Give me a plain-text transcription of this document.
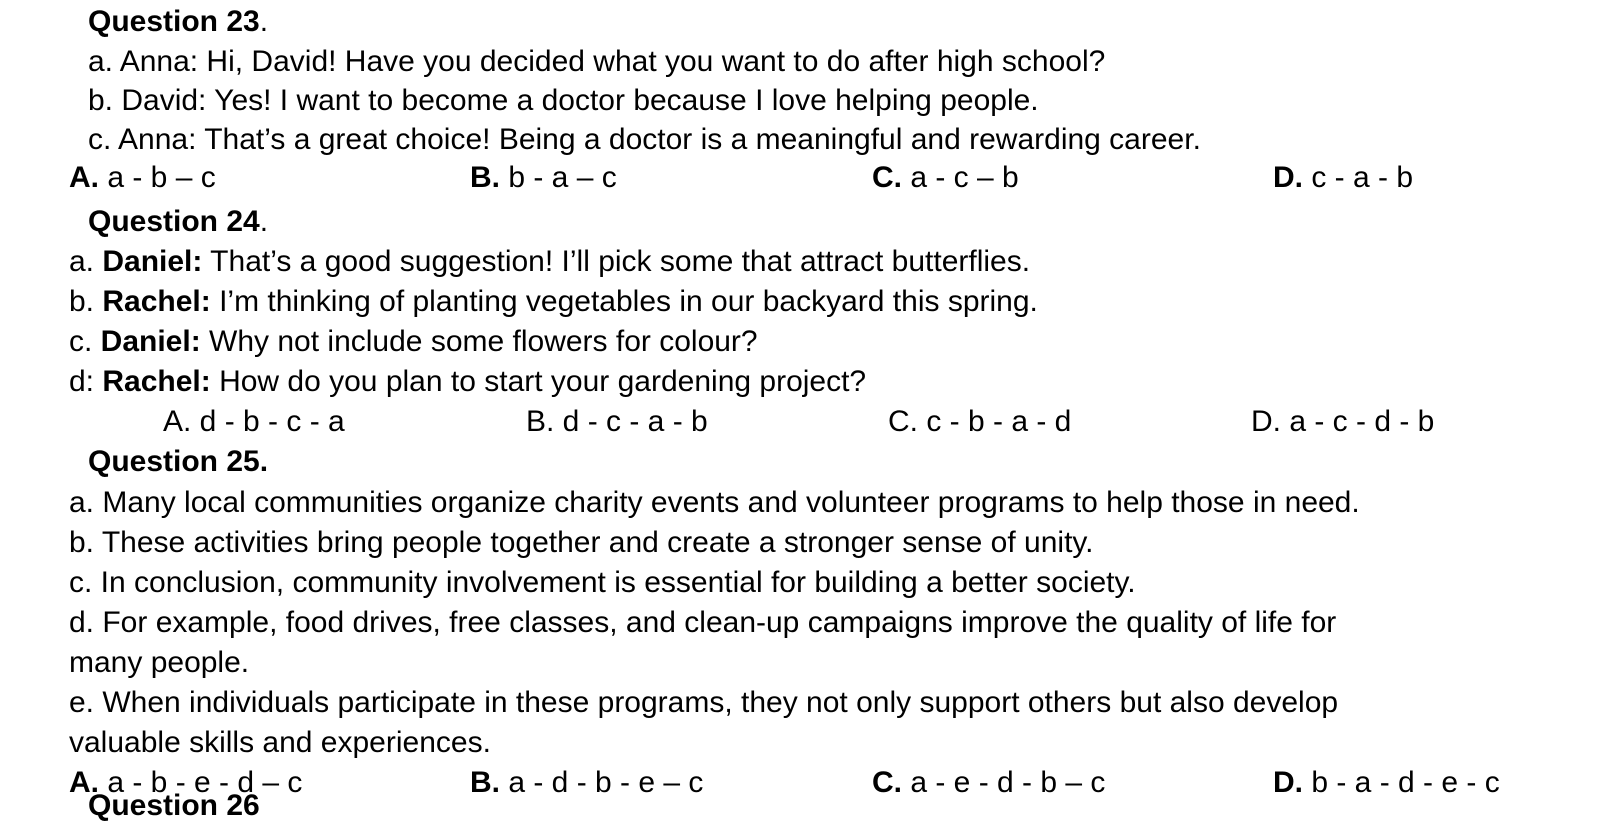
Question 23.
a. Anna: Hi, David! Have you decided what you want to do after high school?
b. David: Yes! I want to become a doctor because I love helping people.
c. Anna: That’s a great choice! Being a doctor is a meaningful and rewarding career.
A. a - b – c	B. b - a – c	C. a - c – b	D. c - a - b
Question 24.
a. Daniel: That’s a good suggestion! I’ll pick some that attract butterflies.
b. Rachel: I’m thinking of planting vegetables in our backyard this spring.
c. Daniel: Why not include some flowers for colour?
d: Rachel: How do you plan to start your gardening project?
A. d - b - c - a	B. d - c - a - b	C. c - b - a - d	D. a - c - d - b
Question 25.
a. Many local communities organize charity events and volunteer programs to help those in need.
b. These activities bring people together and create a stronger sense of unity.
c. In conclusion, community involvement is essential for building a better society.
d. For example, food drives, free classes, and clean-up campaigns improve the quality of life for
many people.
e. When individuals participate in these programs, they not only support others but also develop
valuable skills and experiences.
A. a - b - e - d – c	B. a - d - b - e – c	C. a - e - d - b – c	D. b - a - d - e - c
Question 26
